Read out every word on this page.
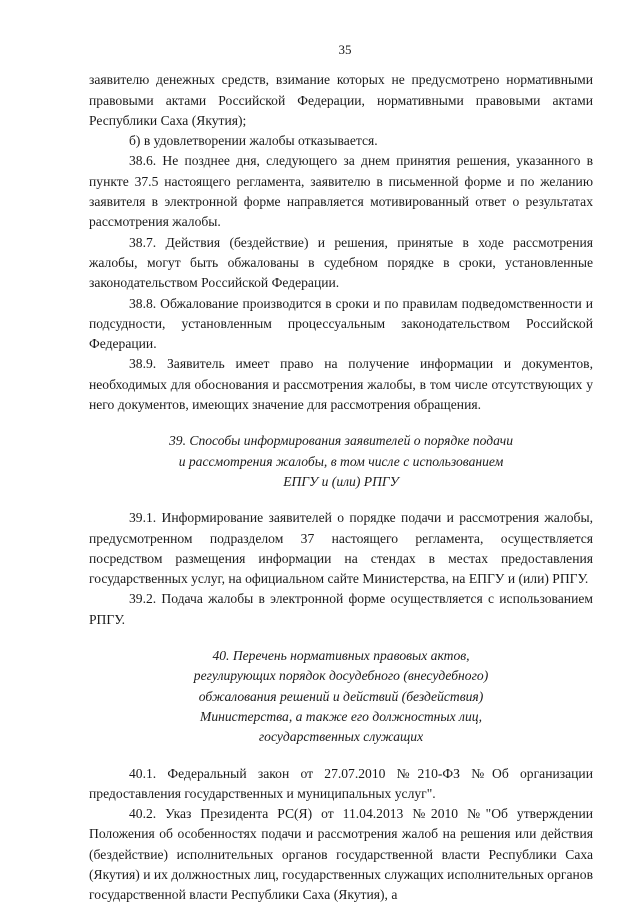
35

заявителю денежных средств, взимание которых не предусмотрено нормативными правовыми актами Российской Федерации, нормативными правовыми актами Республики Саха (Якутия);

б) в удовлетворении жалобы отказывается.

38.6. Не позднее дня, следующего за днем принятия решения, указанного в пункте 37.5 настоящего регламента, заявителю в письменной форме и по желанию заявителя в электронной форме направляется мотивированный ответ о результатах рассмотрения жалобы.

38.7. Действия (бездействие) и решения, принятые в ходе рассмотрения жалобы, могут быть обжалованы в судебном порядке в сроки, установленные законодательством Российской Федерации.

38.8. Обжалование производится в сроки и по правилам подведомственности и подсудности, установленным процессуальным законодательством Российской Федерации.

38.9. Заявитель имеет право на получение информации и документов, необходимых для обоснования и рассмотрения жалобы, в том числе отсутствующих у него документов, имеющих значение для рассмотрения обращения.

39. Способы информирования заявителей о порядке подачи
и рассмотрения жалобы, в том числе с использованием
ЕПГУ и (или) РПГУ

39.1. Информирование заявителей о порядке подачи и рассмотрения жалобы, предусмотренном подразделом 37 настоящего регламента, осуществляется посредством размещения информации на стендах в местах предоставления государственных услуг, на официальном сайте Министерства, на ЕПГУ и (или) РПГУ.

39.2. Подача жалобы в электронной форме осуществляется с использованием РПГУ.

40. Перечень нормативных правовых актов,
регулирующих порядок досудебного (внесудебного)
обжалования решений и действий (бездействия)
Министерства, а также его должностных лиц,
государственных служащих

40.1. Федеральный закон от 27.07.2010 №210-ФЗ №Об организации предоставления государственных и муниципальных услуг".

40.2. Указ Президента РС(Я) от 11.04.2013 №2010 №"Об утверждении Положения об особенностях подачи и рассмотрения жалоб на решения или действия (бездействие) исполнительных органов государственной власти Республики Саха (Якутия) и их должностных лиц, государственных служащих исполнительных органов государственной власти Республики Саха (Якутия), а
